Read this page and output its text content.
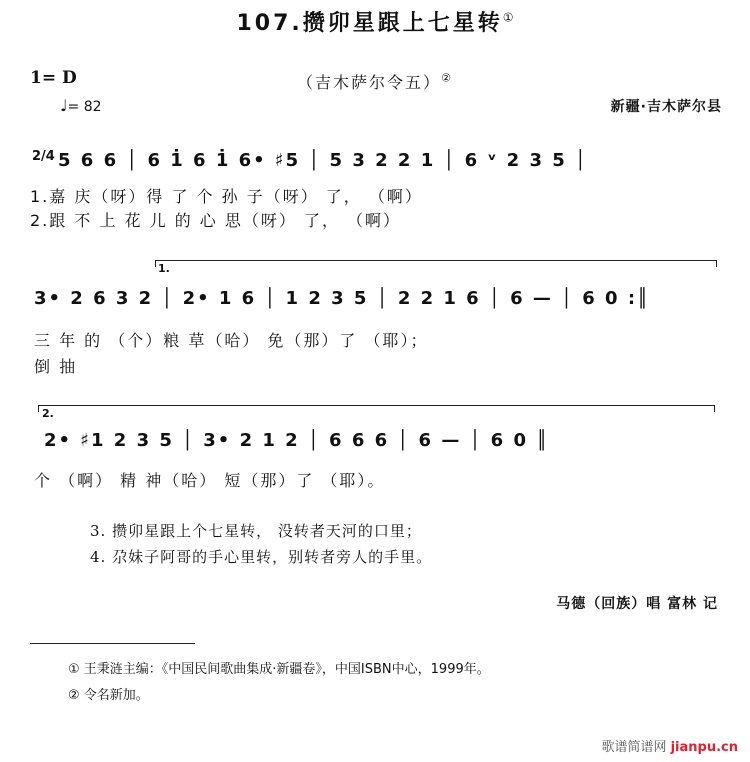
107.攒卯星跟上七星转①
1= D	（吉木萨尔令五）②
♩= 82	新疆·吉木萨尔县
2/4 5 6 6 │ 6 1̇ 6 1̇ 6• ♯5 │ 5 3 2 2 1 │ 6 ᵛ 2 3 5 │
1.嘉 庆（呀）得 了 个 孙 子（呀） 了， （啊）
2.跟 不 上 花 儿 的 心 思（呀） 了， （啊）
1.
3• 2 6 3 2 │ 2• 1 6 │ 1 2 3 5 │ 2 2 1 6 │ 6 — │ 6 0 :║
三 年 的 （个）粮 草（哈） 免（那）了 （耶）；
倒 抽
2.
2• ♯1 2 3 5 │ 3• 2 1 2 │ 6 6 6 │ 6 — │ 6 0 ║
个 （啊） 精 神（哈） 短（那）了 （耶）。
3. 攒卯星跟上个七星转， 没转者天河的口里；
4. 尕妹子阿哥的手心里转，别转者旁人的手里。
马德（回族）唱 富林 记
① 王秉涟主编：《中国民间歌曲集成·新疆卷》，中国ISBN中心，1999年。
② 令名新加。
歌谱简谱网 jianpu.cn
